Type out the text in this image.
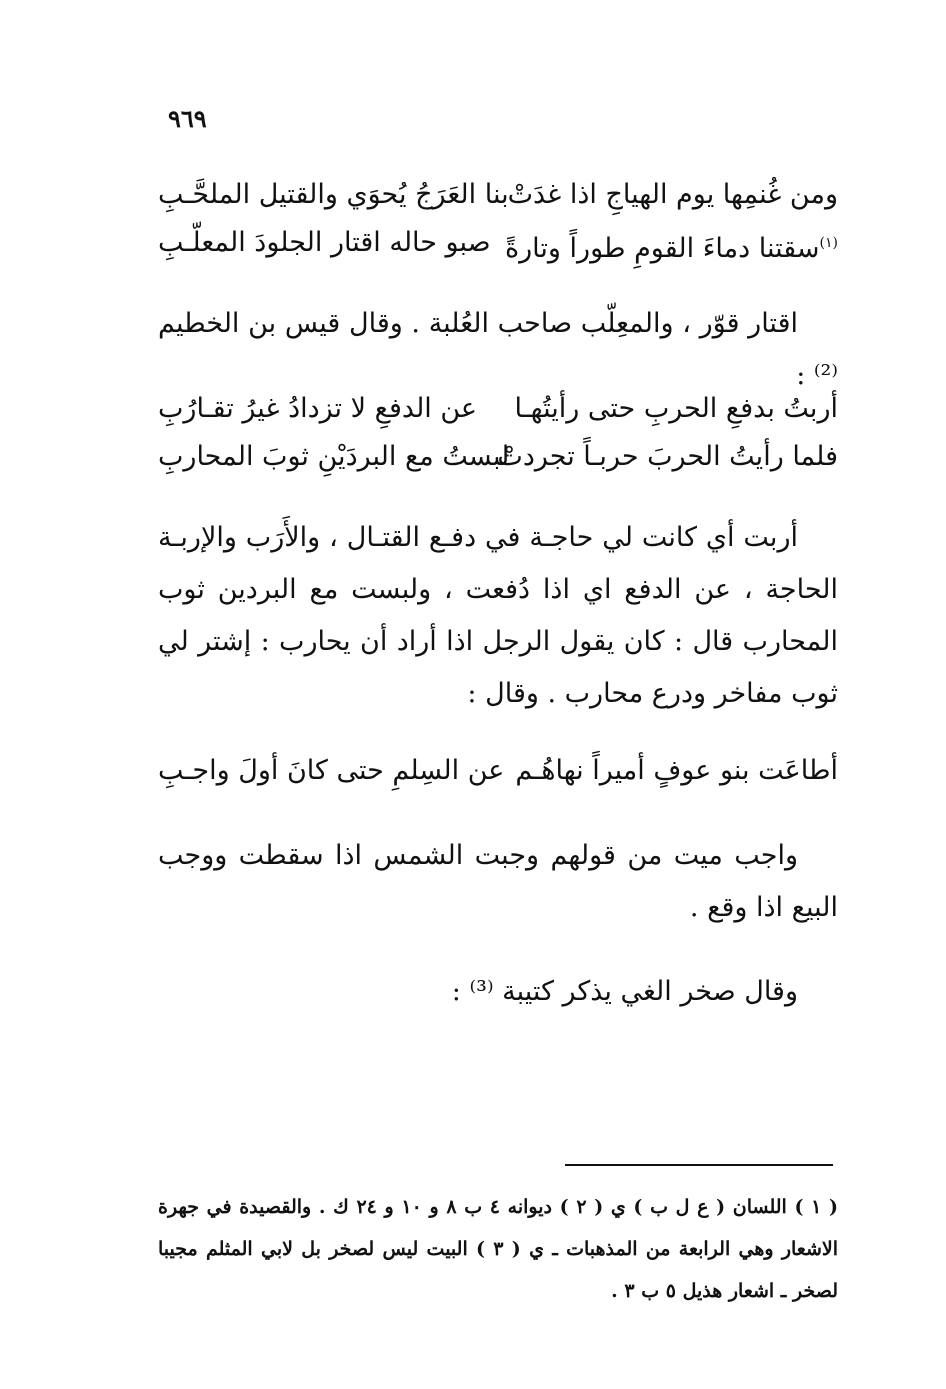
٩٦٩
ومن غُنمِها يوم الهياجِ اذا غدَتْ
بنا العَرَجُ يُحوَي والقتيل الملحَّـبِ
$^{(١)}$سقتنا دماءَ القومِ طوراً وتارةً
صبو حاله اقتار الجلودَ المعلّـبِ

اقتار قوّر ، والمعِلّب صاحب العُلبة . وقال قيس بن الخطيم ⁽²⁾ :

أربتُ بدفعِ الحربِ حتى رأيتُهـا
عن الدفعِ لا تزدادُ غيرُ تقـارُبِ
فلما رأيتُ الحربَ حربـاً تجردتْ
لبستُ مع البردَيْنِ ثوبَ المحاربِ

أربت أي كانت لي حاجـة في دفـع القتـال ، والأَرَب والإربـة الحاجة ، عن الدفع اي اذا دُفعت ، ولبست مع البردين ثوب المحارب قال : كان يقول الرجل اذا أراد أن يحارب : إشتر لي ثوب مفاخر ودرع محارب . وقال :

أطاعَت بنو عوفٍ أميراً نهاهُـم
عن السِلمِ حتى كانَ أولَ واجـبِ

واجب ميت من قولهم وجبت الشمس اذا سقطت ووجب البيع اذا وقع .

وقال صخر الغي يذكر كتيبة ⁽³⁾ :

( ١ ) اللسان ( ع ل ب ) ي ( ٢ ) ديوانه ٤ ب ٨ و ١٠ و ٢٤ ك . والقصيدة في جهرة الاشعار وهي الرابعة من المذهبات ـ ي ( ٣ ) البيت ليس لصخر بل لابي المثلم مجيبا لصخر ـ اشعار هذيل ٥ ب ٣ .
